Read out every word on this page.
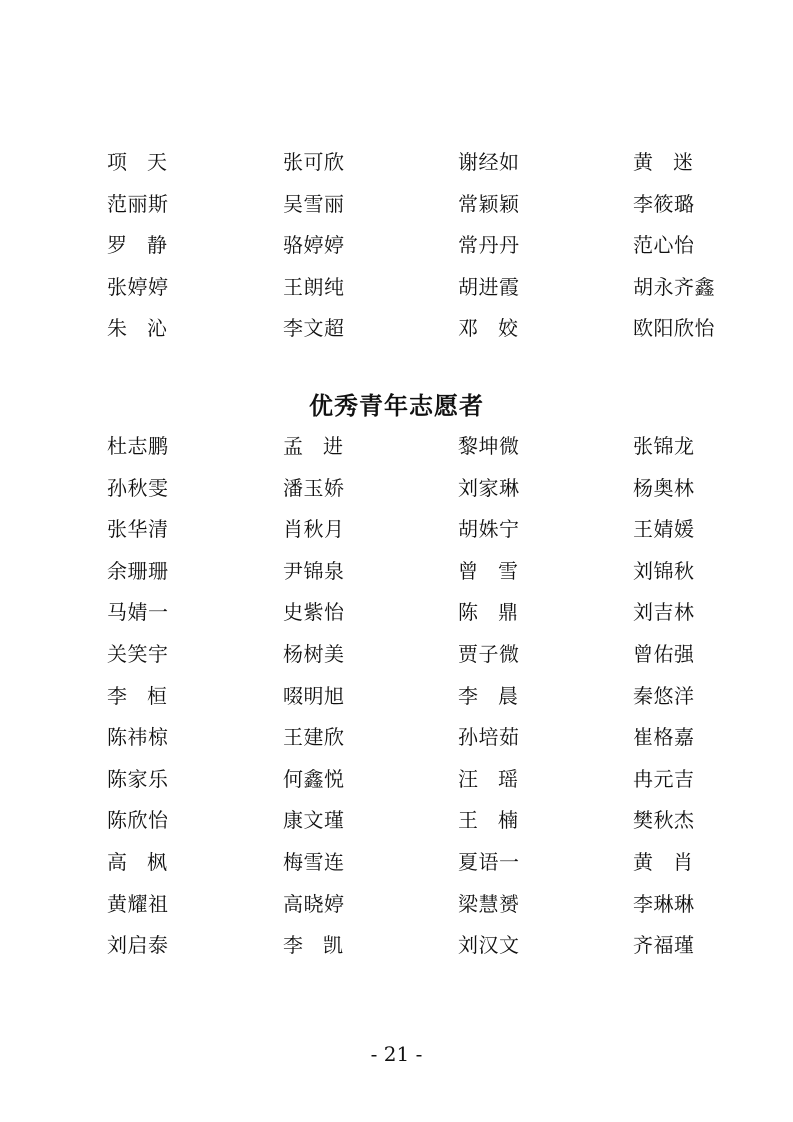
项 天	张可欣	谢经如	黄 迷
范丽斯	吴雪丽	常颖颖	李筱璐
罗 静	骆婷婷	常丹丹	范心怡
张婷婷	王朗纯	胡进霞	胡永齐鑫
朱 沁	李文超	邓 姣	欧阳欣怡
优秀青年志愿者
杜志鹏	孟 进	黎坤微	张锦龙
孙秋雯	潘玉娇	刘家琳	杨奥林
张华清	肖秋月	胡姝宁	王婧媛
余珊珊	尹锦泉	曾 雪	刘锦秋
马婧一	史紫怡	陈 鼎	刘吉林
关笑宇	杨树美	贾子微	曾佑强
李 桓	啜明旭	李 晨	秦悠洋
陈祎椋	王建欣	孙培茹	崔格嘉
陈家乐	何鑫悦	汪 瑶	冉元吉
陈欣怡	康文瑾	王 楠	樊秋杰
高 枫	梅雪连	夏语一	黄 肖
黄耀祖	高晓婷	梁慧赟	李琳琳
刘启泰	李 凯	刘汉文	齐福瑾
- 21 -
